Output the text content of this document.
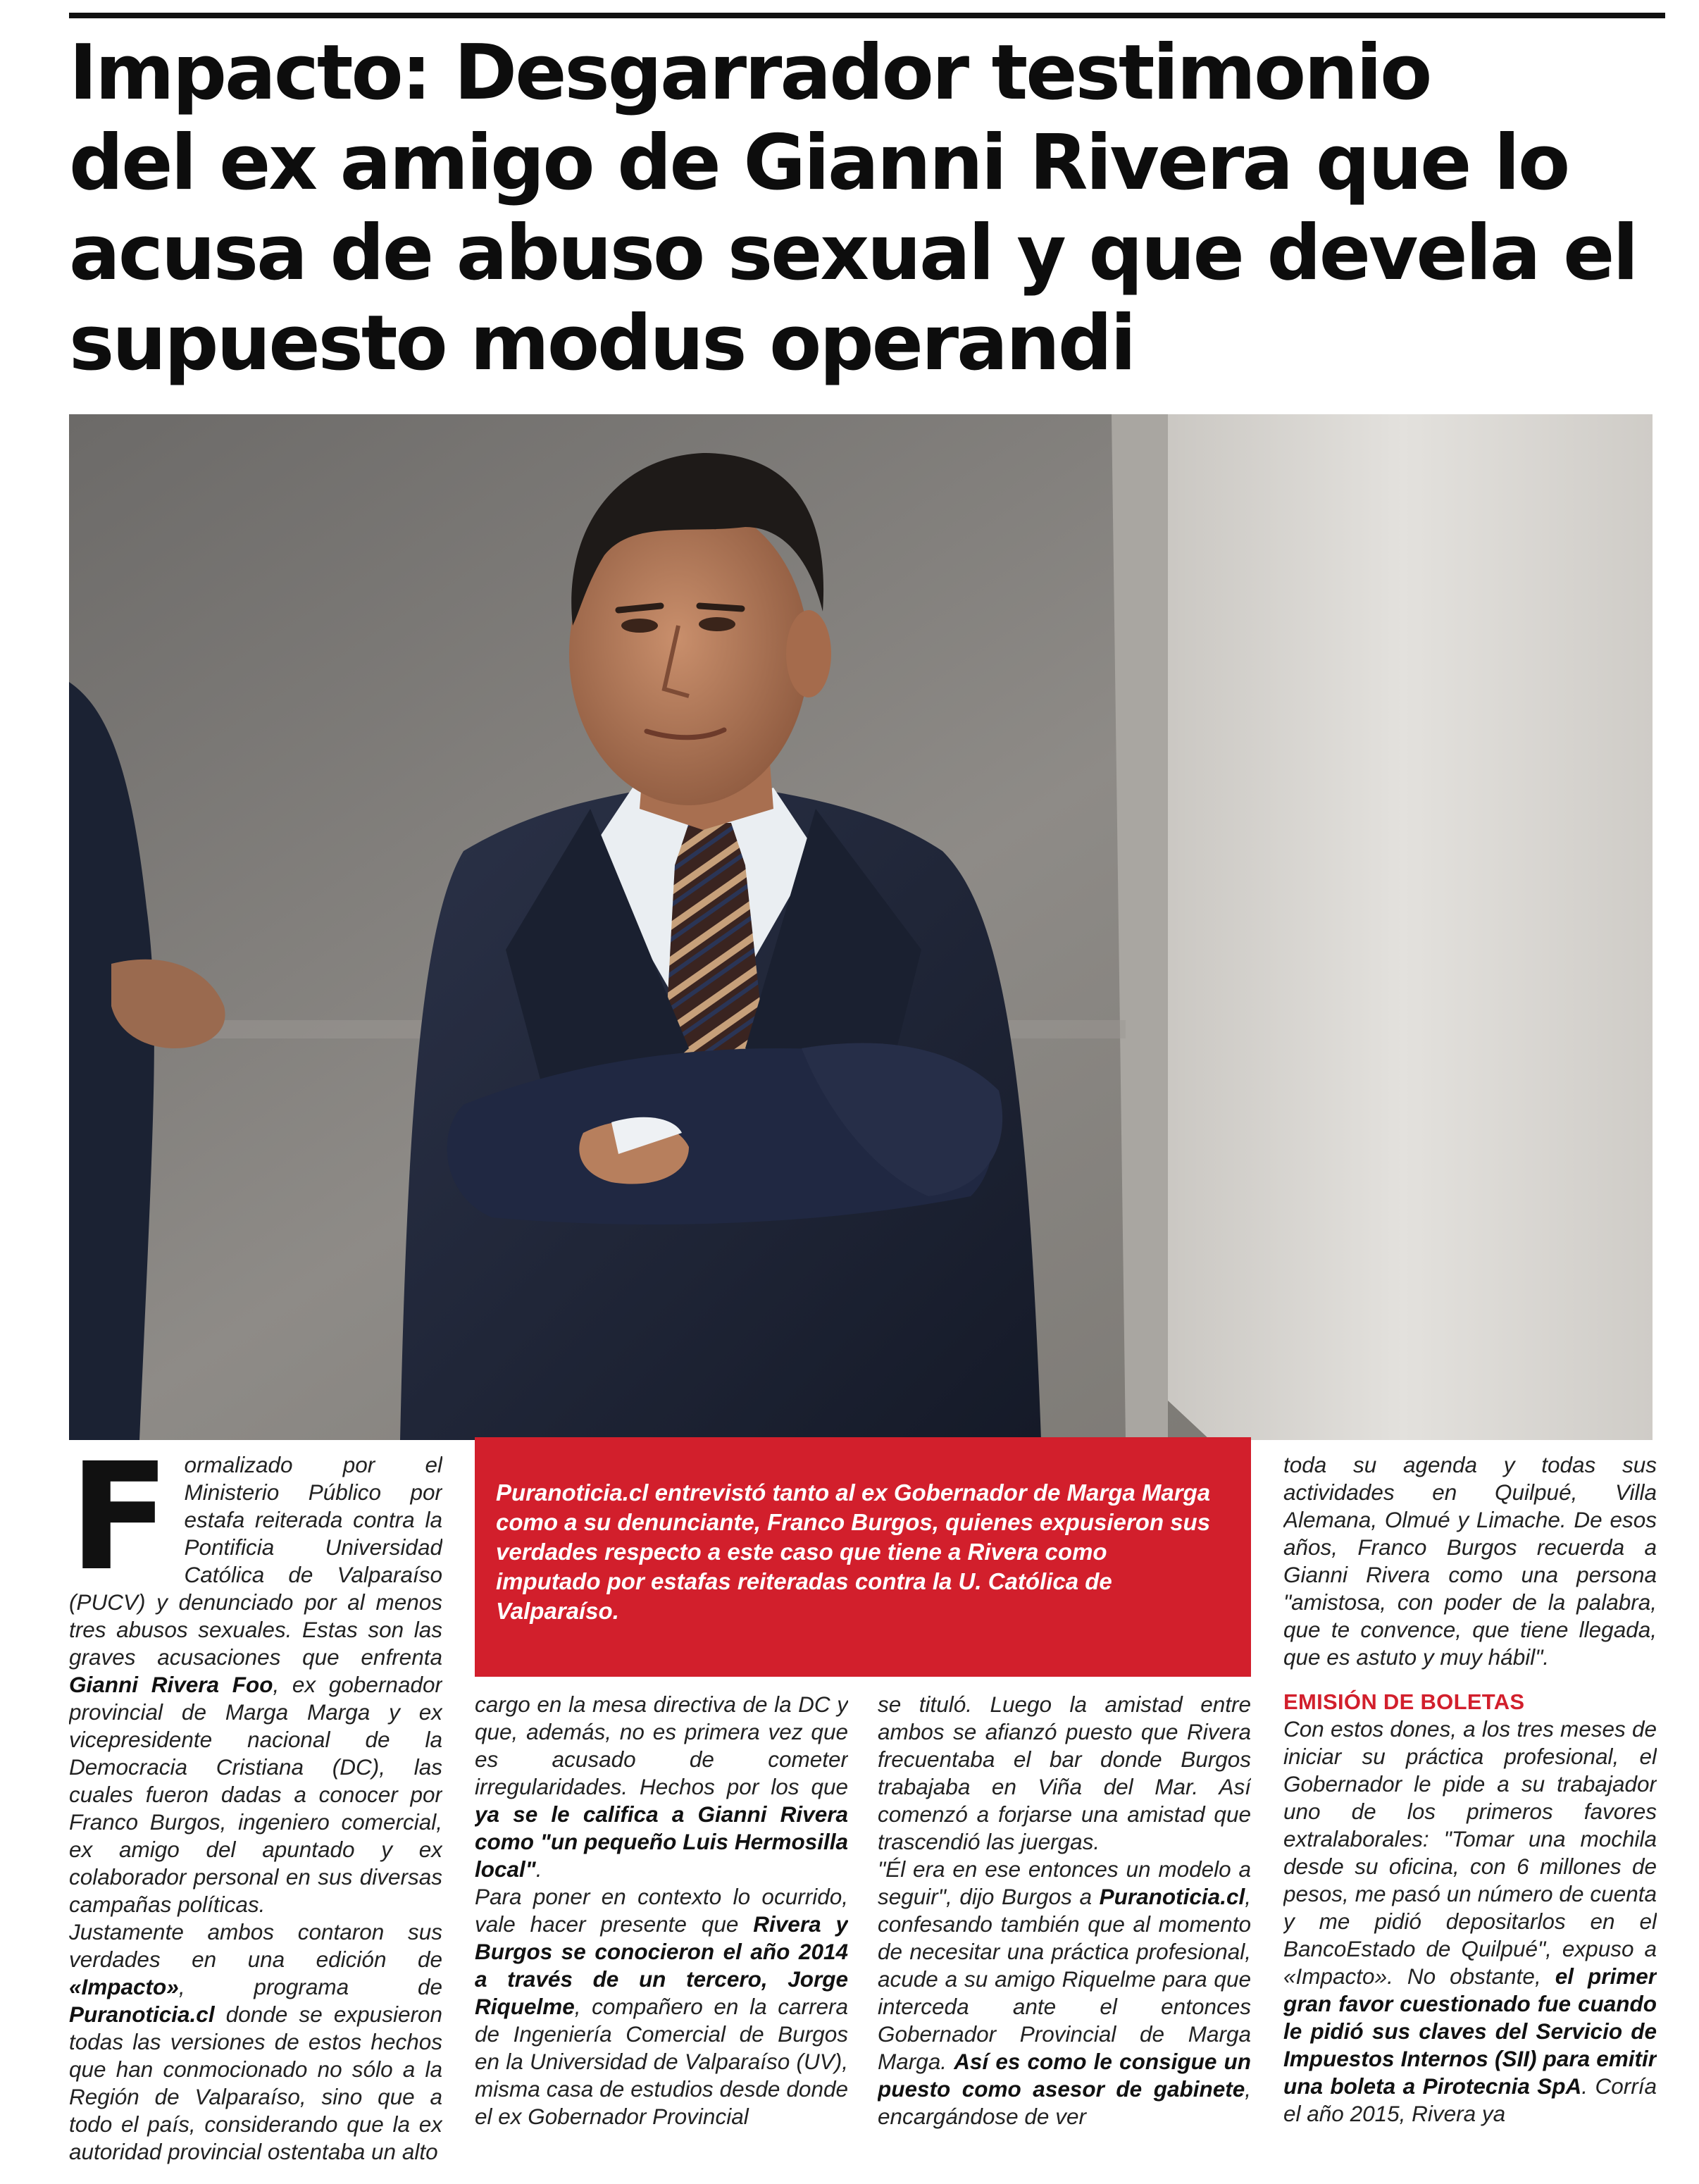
Impacto: Desgarrador testimonio
del ex amigo de Gianni Rivera que lo
acusa de abuso sexual y que devela el
supuesto modus operandi

Formalizado por el Ministerio Público por estafa reiterada contra la Pontificia Universidad Católica de Valparaíso (PUCV) y denunciado por al menos tres abusos sexuales. Estas son las graves acusaciones que enfrenta Gianni Rivera Foo, ex gobernador provincial de Marga Marga y ex vicepresidente nacional de la Democracia Cristiana (DC), las cuales fueron dadas a conocer por Franco Burgos, ingeniero comercial, ex amigo del apuntado y ex colaborador personal en sus diversas campañas políticas.

Justamente ambos contaron sus verdades en una edición de «Impacto», programa de Puranoticia.cl donde se expusieron todas las versiones de estos hechos que han conmocionado no sólo a la Región de Valparaíso, sino que a todo el país, considerando que la ex autoridad provincial ostentaba un alto

Puranoticia.cl entrevistó tanto al ex Gobernador de Marga Marga como a su denunciante, Franco Burgos, quienes expusieron sus verdades respecto a este caso que tiene a Rivera como imputado por estafas reiteradas contra la U. Católica de Valparaíso.

cargo en la mesa directiva de la DC y que, además, no es primera vez que es acusado de cometer irregularidades. Hechos por los que ya se le califica a Gianni Rivera como "un pequeño Luis Hermosilla local".

Para poner en contexto lo ocurrido, vale hacer presente que Rivera y Burgos se conocieron el año 2014 a través de un tercero, Jorge Riquelme, compañero en la carrera de Ingeniería Comercial de Burgos en la Universidad de Valparaíso (UV), misma casa de estudios desde donde el ex Gobernador Provincial

se tituló. Luego la amistad entre ambos se afianzó puesto que Rivera frecuentaba el bar donde Burgos trabajaba en Viña del Mar. Así comenzó a forjarse una amistad que trascendió las juergas.

"Él era en ese entonces un modelo a seguir", dijo Burgos a Puranoticia.cl, confesando también que al momento de necesitar una práctica profesional, acude a su amigo Riquelme para que interceda ante el entonces Gobernador Provincial de Marga Marga. Así es como le consigue un puesto como asesor de gabinete, encargándose de ver

toda su agenda y todas sus actividades en Quilpué, Villa Alemana, Olmué y Limache. De esos años, Franco Burgos recuerda a Gianni Rivera como una persona "amistosa, con poder de la palabra, que te convence, que tiene llegada, que es astuto y muy hábil".

EMISIÓN DE BOLETAS

Con estos dones, a los tres meses de iniciar su práctica profesional, el Gobernador le pide a su trabajador uno de los primeros favores extralaborales: "Tomar una mochila desde su oficina, con 6 millones de pesos, me pasó un número de cuenta y me pidió depositarlos en el BancoEstado de Quilpué", expuso a «Impacto». No obstante, el primer gran favor cuestionado fue cuando le pidió sus claves del Servicio de Impuestos Internos (SII) para emitir una boleta a Pirotecnia SpA. Corría el año 2015, Rivera ya
